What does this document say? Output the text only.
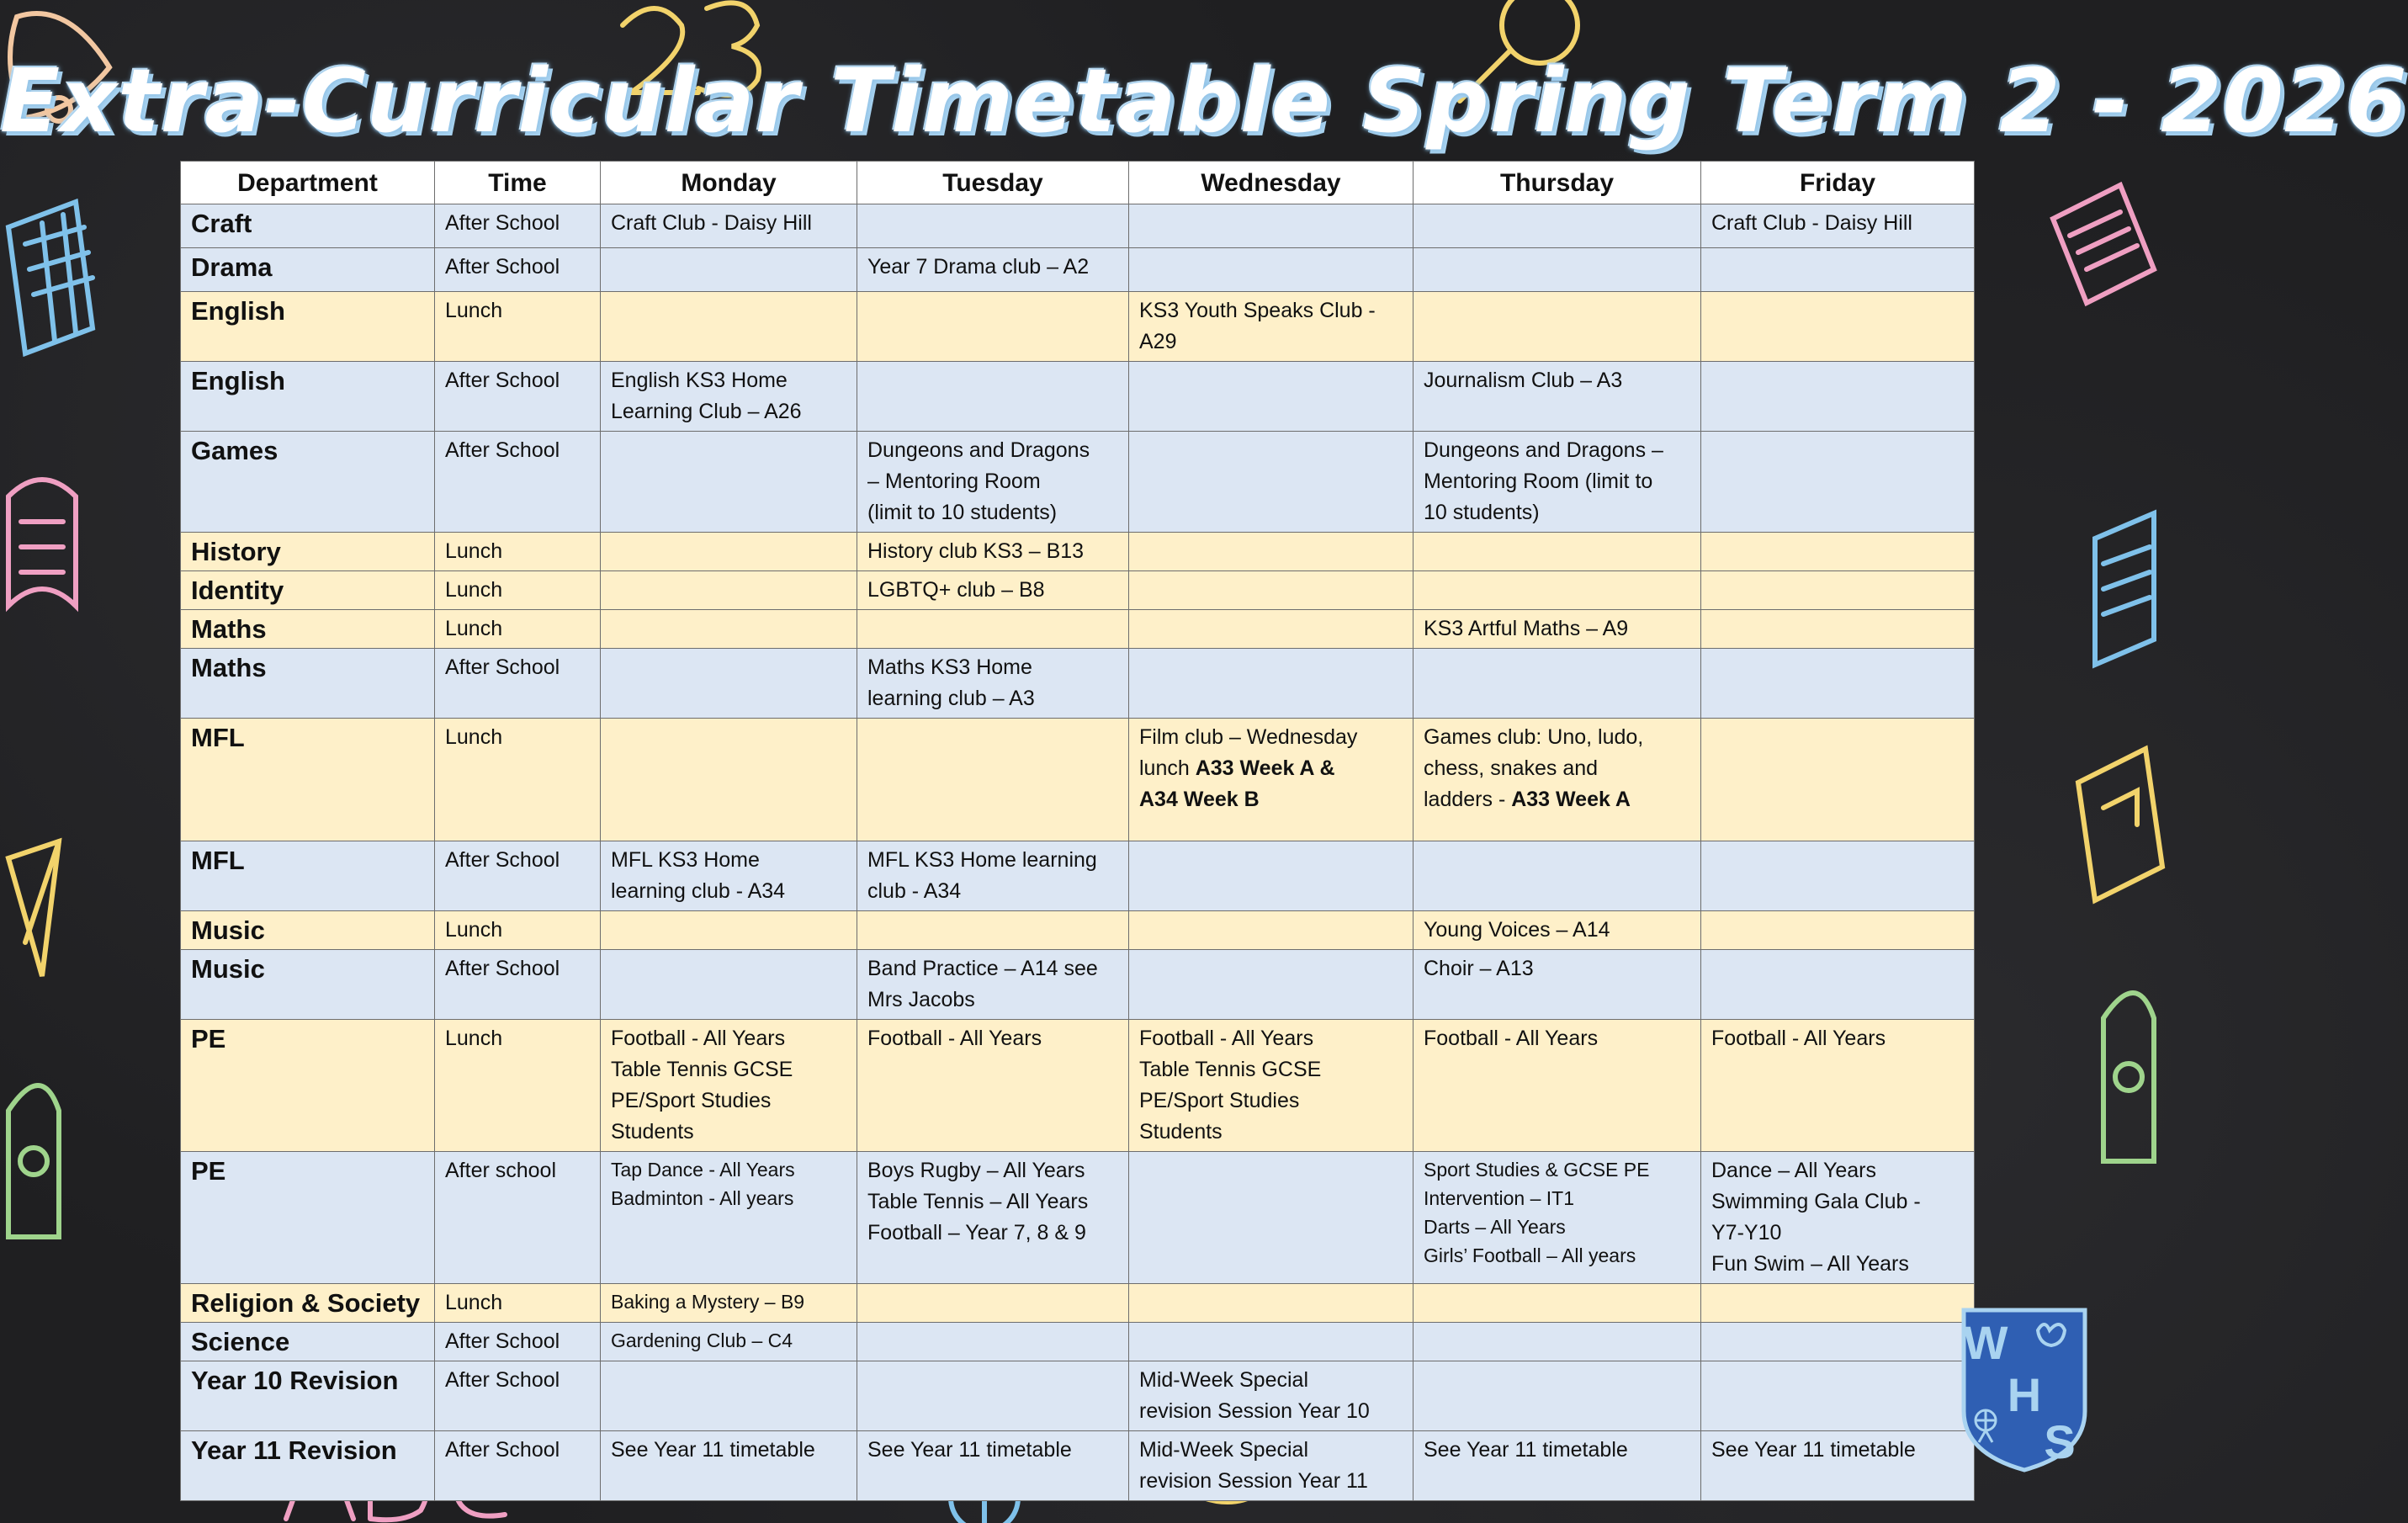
Extra-Curricular Timetable Spring Term 2 - 2026
Department	Time	Monday	Tuesday	Wednesday	Thursday	Friday
Craft	After School	Craft Club - Daisy Hill				Craft Club - Daisy Hill

Drama	After School		Year 7 Drama club – A2			

English	Lunch			KS3 Youth Speaks Club -
A29		

English	After School	English KS3 Home
Learning Club – A26			Journalism Club – A3	

Games	After School		Dungeons and Dragons
– Mentoring Room
(limit to 10 students)		Dungeons and Dragons –
Mentoring Room (limit to
10 students)	

History	Lunch		History club KS3 – B13			

Identity	Lunch		LGBTQ+ club – B8			

Maths	Lunch				KS3 Artful Maths – A9	

Maths	After School		Maths KS3 Home
learning club – A3			

MFL	Lunch			Film club – Wednesday
lunch A33 Week A &
A34 Week B	Games club: Uno, ludo,
chess, snakes and
ladders - A33 Week A	

MFL	After School	MFL KS3 Home
learning club - A34	MFL KS3 Home learning
club - A34			

Music	Lunch				Young Voices – A14	

Music	After School		Band Practice – A14 see
Mrs Jacobs		Choir – A13	

PE	Lunch	Football - All Years
Table Tennis GCSE
PE/Sport Studies
Students	Football - All Years	Football - All Years
Table Tennis GCSE
PE/Sport Studies
Students	Football - All Years	Football - All Years

PE	After school	Tap Dance - All Years
Badminton - All years	Boys Rugby – All Years
Table Tennis – All Years
Football – Year 7, 8 & 9		Sport Studies & GCSE PE
Intervention – IT1
Darts – All Years
Girls’ Football – All years	Dance – All Years
Swimming Gala Club -
Y7-Y10
Fun Swim – All Years

Religion & Society	Lunch	Baking a Mystery – B9				

Science	After School	Gardening Club – C4				

Year 10 Revision	After School			Mid-Week Special
revision Session Year 10		

Year 11 Revision	After School	See Year 11 timetable	See Year 11 timetable	Mid-Week Special
revision Session Year 11	See Year 11 timetable	See Year 11 timetable
W
H
S
